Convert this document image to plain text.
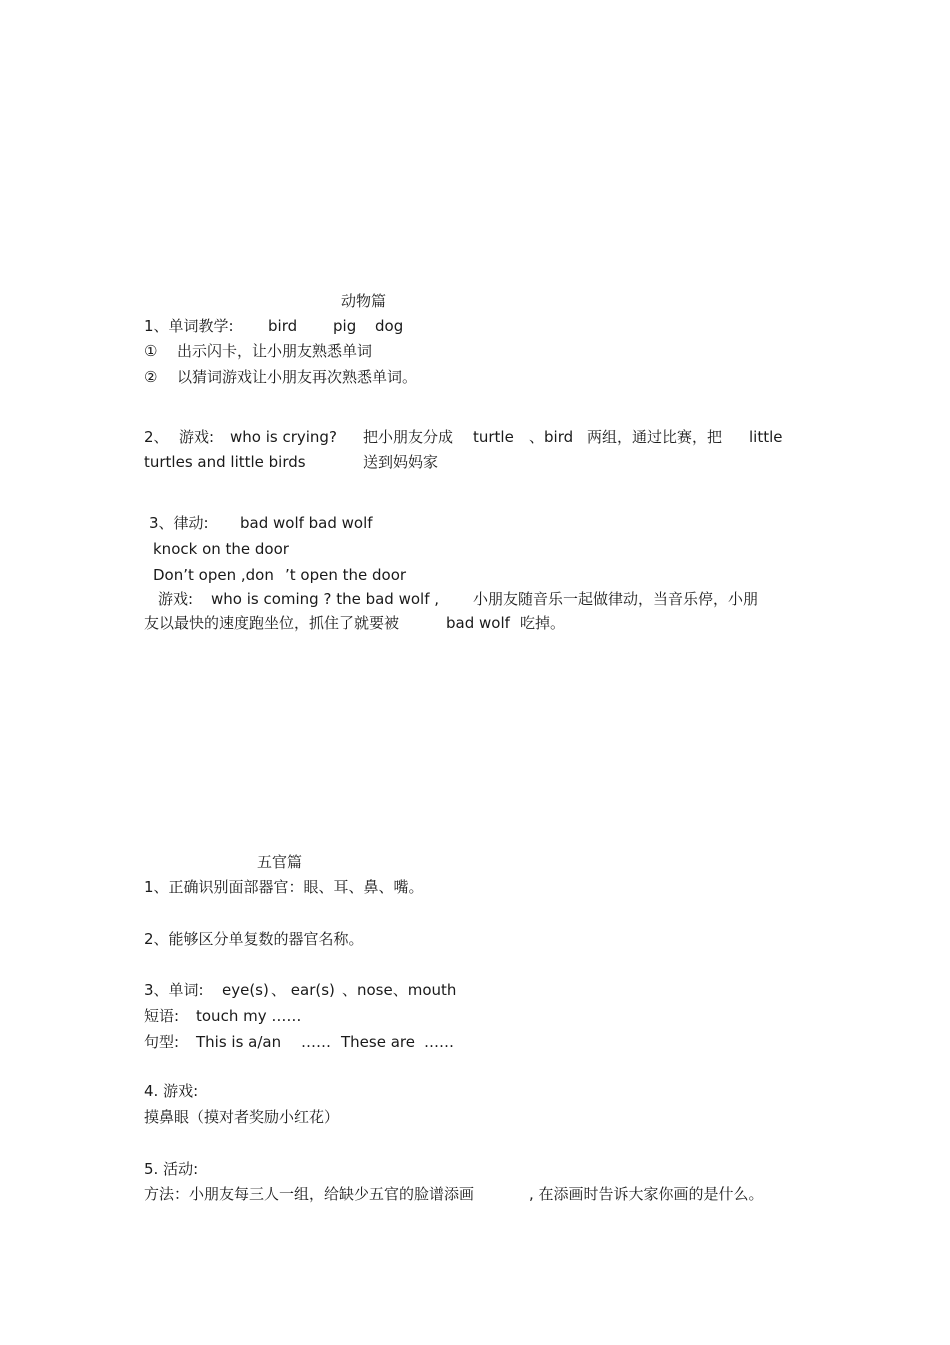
动物篇
1、单词教学: bird pig dog
① 出示闪卡，让小朋友熟悉单词
② 以猜词游戏让小朋友再次熟悉单词。
2、 游戏: who is crying? 把小朋友分成 turtle 、bird 两组，通过比赛，把 little
turtles and little birds	送到妈妈家
3、律动: bad wolf bad wolf
knock on the door
Don’t open ,don ’t open the door
游戏: who is coming ? the bad wolf , 小朋友随音乐一起做律动，当音乐停，小朋
友以最快的速度跑坐位，抓住了就要被	bad wolf 吃掉。
五官篇
1、正确识别面部器官：眼、耳、鼻、嘴。
2、能够区分单复数的器官名称。
3、单词: eye(s) 、 ear(s) 、nose、mouth
短语: touch my ……
句型: This is a/an …… These are ……
4. 游戏:
摸鼻眼（摸对者奖励小红花）
5. 活动:
方法：小朋友每三人一组，给缺少五官的脸谱添画	, 在添画时告诉大家你画的是什么。
